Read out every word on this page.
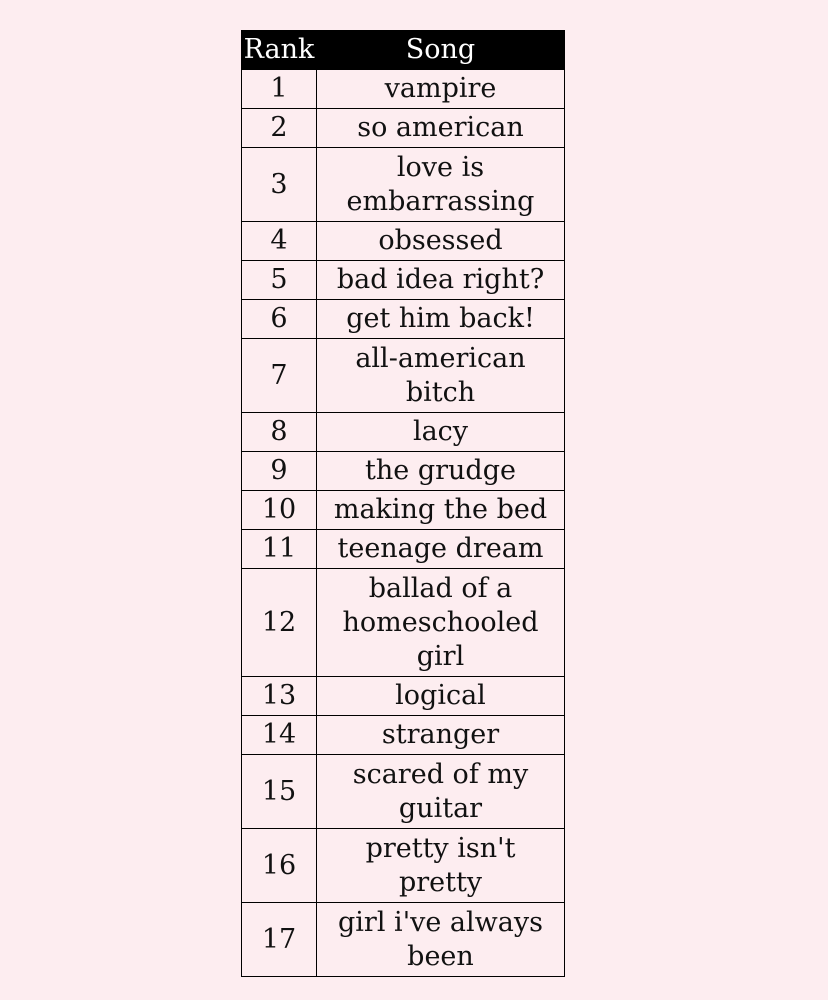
Rank	Song
1	vampire
2	so american
3	love is embarrassing
4	obsessed
5	bad idea right?
6	get him back!
7	all-american bitch
8	lacy
9	the grudge
10	making the bed
11	teenage dream
12	ballad of a homeschooled girl
13	logical
14	stranger
15	scared of my guitar
16	pretty isn't pretty
17	girl i've always been
